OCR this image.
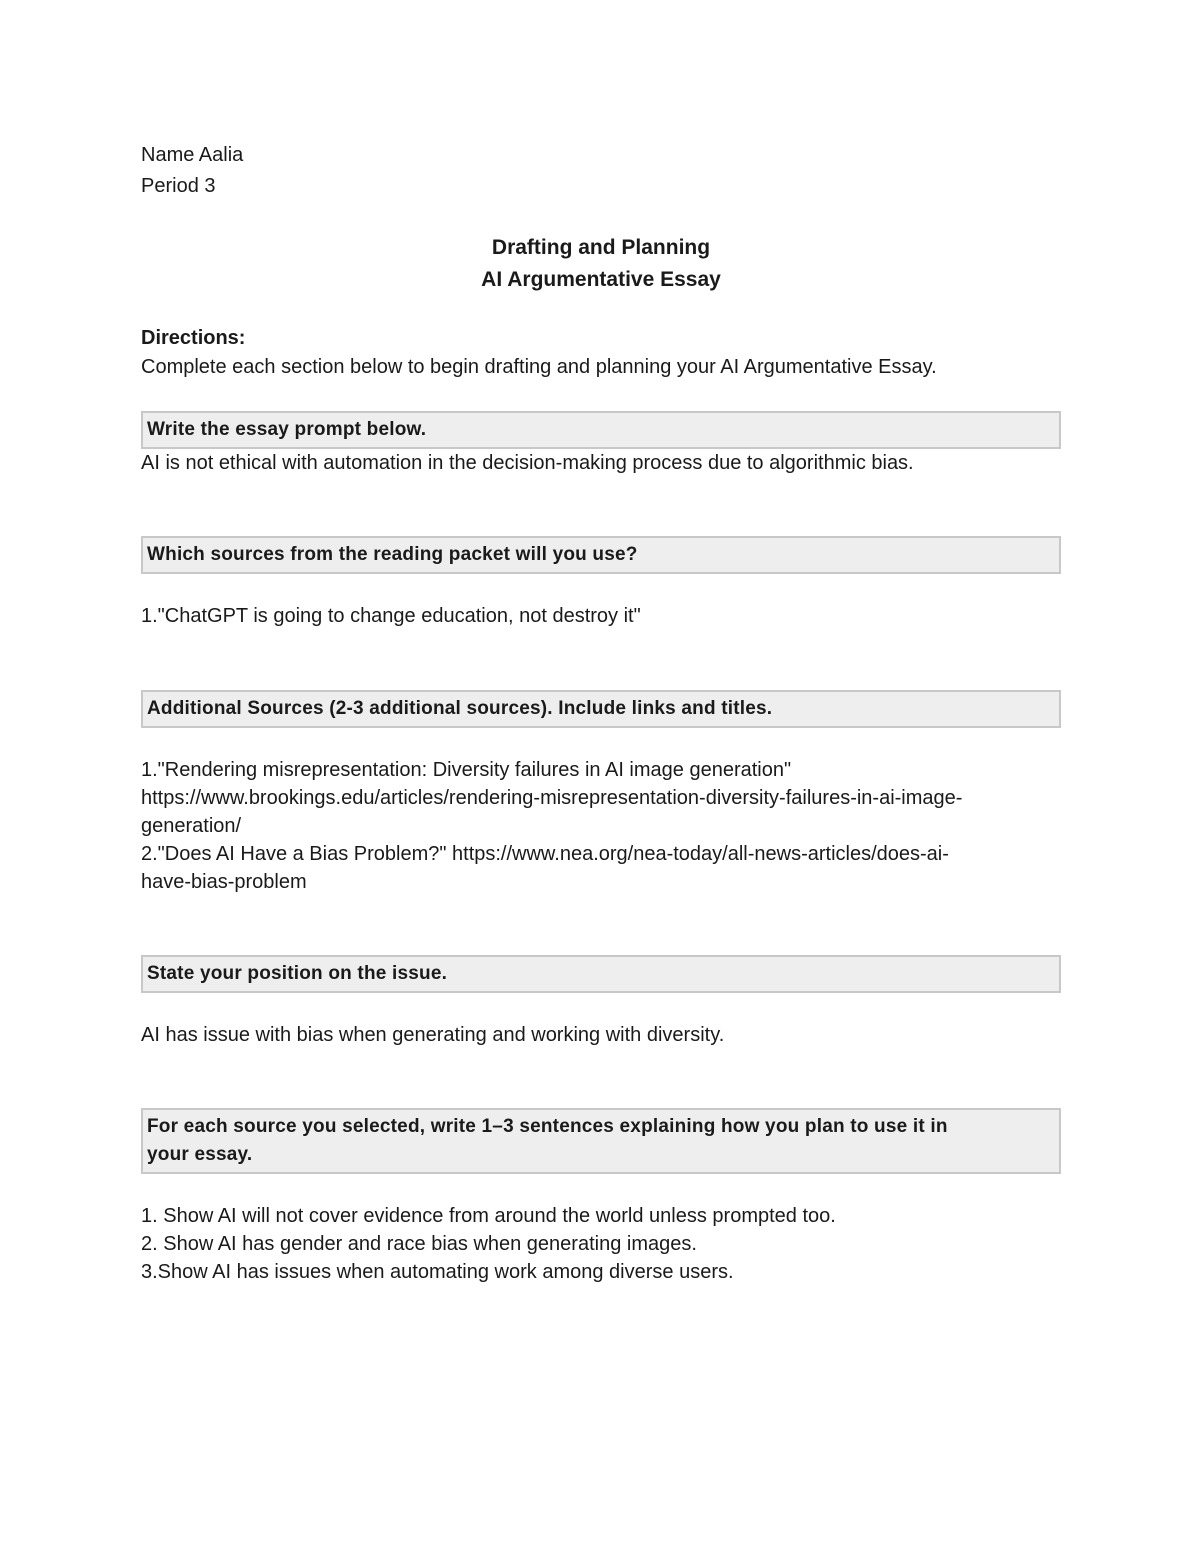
Name Aalia

Period 3

Drafting and Planning

AI Argumentative Essay

Directions:

Complete each section below to begin drafting and planning your AI Argumentative Essay.

Write the essay prompt below.

AI is not ethical with automation in the decision-making process due to algorithmic bias.

Which sources from the reading packet will you use?

1."ChatGPT is going to change education, not destroy it"

Additional Sources (2-3 additional sources). Include links and titles.

1."Rendering misrepresentation: Diversity failures in AI image generation"

https://www.brookings.edu/articles/rendering-misrepresentation-diversity-failures-in-ai-image-

generation/

2."Does AI Have a Bias Problem?" https://www.nea.org/nea-today/all-news-articles/does-ai-

have-bias-problem

State your position on the issue.

AI has issue with bias when generating and working with diversity.

For each source you selected, write 1–3 sentences explaining how you plan to use it in
your essay.

1. Show AI will not cover evidence from around the world unless prompted too.

2. Show AI has gender and race bias when generating images.

3.Show AI has issues when automating work among diverse users.
